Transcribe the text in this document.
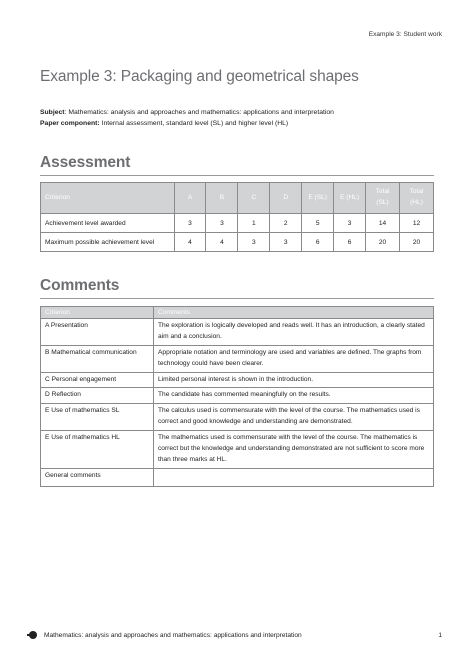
Example 3: Student work
Example 3: Packaging and geometrical shapes
Subject: Mathematics: analysis and approaches and mathematics: applications and interpretation
Paper component: Internal assessment, standard level (SL) and higher level (HL)
Assessment
Criterion	A	B	C	D	E (SL)	E (HL)	Total (SL)	Total (HL)
Achievement level awarded	3	3	1	2	5	3	14	12
Maximum possible achievement level	4	4	3	3	6	6	20	20
Comments
Criterion	Comments
A Presentation	The exploration is logically developed and reads well. It has an introduction, a clearly stated aim and a conclusion.
B Mathematical communication	Appropriate notation and terminology are used and variables are defined. The graphs from technology could have been clearer.
C Personal engagement	Limited personal interest is shown in the introduction.
D Reflection	The candidate has commented meaningfully on the results.
E Use of mathematics SL	The calculus used is commensurate with the level of the course. The mathematics used is correct and good knowledge and understanding are demonstrated.
E Use of mathematics HL	The mathematics used is commensurate with the level of the course. The mathematics is correct but the knowledge and understanding demonstrated are not sufficient to score more than three marks at HL.
General comments	
Mathematics: analysis and approaches and mathematics: applications and interpretation	1
